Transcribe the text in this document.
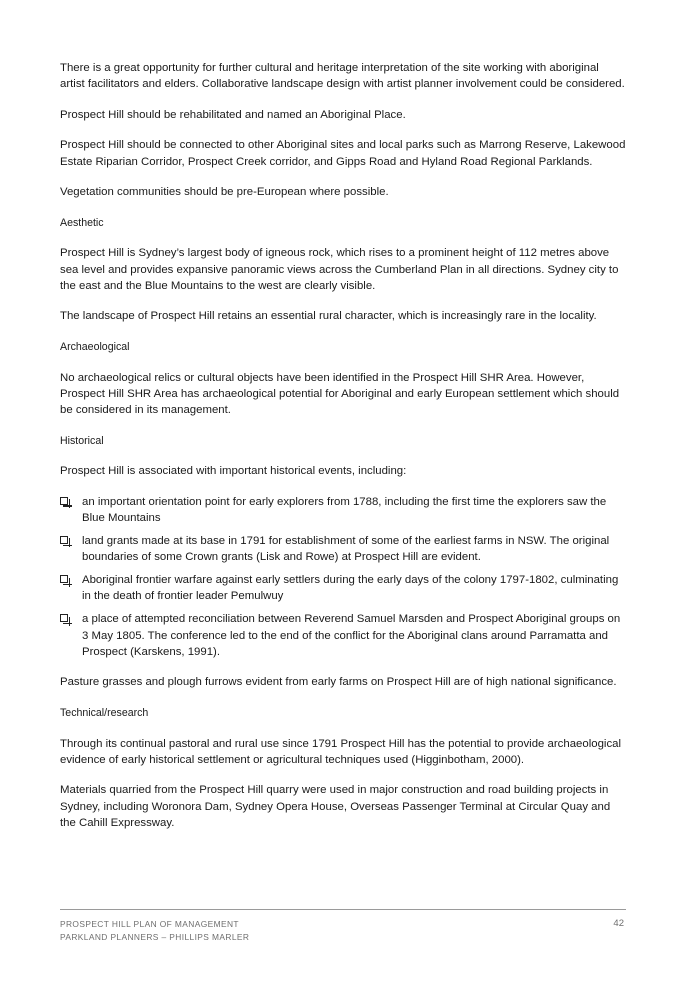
There is a great opportunity for further cultural and heritage interpretation of the site working with aboriginal artist facilitators and elders. Collaborative landscape design with artist planner involvement could be considered.

Prospect Hill should be rehabilitated and named an Aboriginal Place.

Prospect Hill should be connected to other Aboriginal sites and local parks such as Marrong Reserve, Lakewood Estate Riparian Corridor, Prospect Creek corridor, and Gipps Road and Hyland Road Regional Parklands.

Vegetation communities should be pre-European where possible.

Aesthetic

Prospect Hill is Sydney’s largest body of igneous rock, which rises to a prominent height of 112 metres above sea level and provides expansive panoramic views across the Cumberland Plan in all directions. Sydney city to the east and the Blue Mountains to the west are clearly visible.

The landscape of Prospect Hill retains an essential rural character, which is increasingly rare in the locality.

Archaeological

No archaeological relics or cultural objects have been identified in the Prospect Hill SHR Area. However, Prospect Hill SHR Area has archaeological potential for Aboriginal and early European settlement which should be considered in its management.

Historical

Prospect Hill is associated with important historical events, including:

an important orientation point for early explorers from 1788, including the first time the explorers saw the Blue Mountains
land grants made at its base in 1791 for establishment of some of the earliest farms in NSW. The original boundaries of some Crown grants (Lisk and Rowe) at Prospect Hill are evident.
Aboriginal frontier warfare against early settlers during the early days of the colony 1797-1802, culminating in the death of frontier leader Pemulwuy
a place of attempted reconciliation between Reverend Samuel Marsden and Prospect Aboriginal groups on 3 May 1805. The conference led to the end of the conflict for the Aboriginal clans around Parramatta and Prospect (Karskens, 1991).

Pasture grasses and plough furrows evident from early farms on Prospect Hill are of high national significance.

Technical/research

Through its continual pastoral and rural use since 1791 Prospect Hill has the potential to provide archaeological evidence of early historical settlement or agricultural techniques used (Higginbotham, 2000).

Materials quarried from the Prospect Hill quarry were used in major construction and road building projects in Sydney, including Woronora Dam, Sydney Opera House, Overseas Passenger Terminal at Circular Quay and the Cahill Expressway.

PROSPECT HILL PLAN OF MANAGEMENT
PARKLAND PLANNERS – PHILLIPS MARLER
42
